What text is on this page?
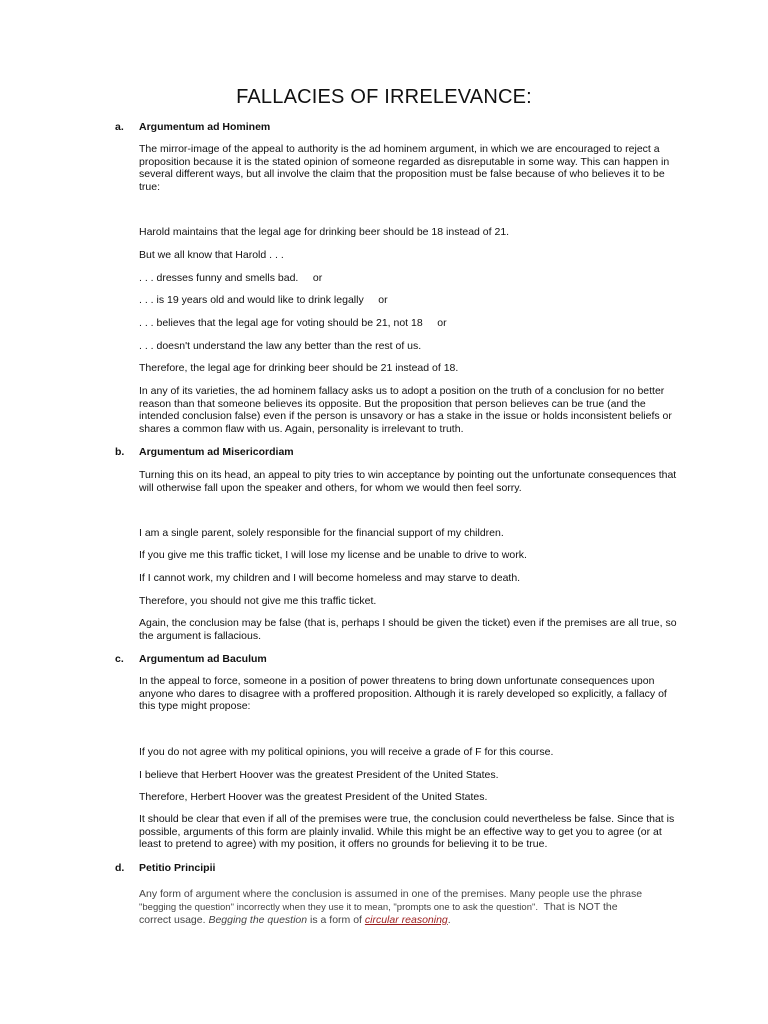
FALLACIES OF IRRELEVANCE:
a. Argumentum ad Hominem

The mirror-image of the appeal to authority is the ad hominem argument, in which we are encouraged to reject a proposition because it is the stated opinion of someone regarded as disreputable in some way. This can happen in several different ways, but all involve the claim that the proposition must be false because of who believes it to be true:

Harold maintains that the legal age for drinking beer should be 18 instead of 21.

But we all know that Harold . . .

. . . dresses funny and smells bad.     or

. . . is 19 years old and would like to drink legally     or

. . . believes that the legal age for voting should be 21, not 18     or

. . . doesn't understand the law any better than the rest of us.

Therefore, the legal age for drinking beer should be 21 instead of 18.

In any of its varieties, the ad hominem fallacy asks us to adopt a position on the truth of a conclusion for no better reason than that someone believes its opposite. But the proposition that person believes can be true (and the intended conclusion false) even if the person is unsavory or has a stake in the issue or holds inconsistent beliefs or shares a common flaw with us. Again, personality is irrelevant to truth.

b. Argumentum ad Misericordiam

Turning this on its head, an appeal to pity tries to win acceptance by pointing out the unfortunate consequences that will otherwise fall upon the speaker and others, for whom we would then feel sorry.

I am a single parent, solely responsible for the financial support of my children.

If you give me this traffic ticket, I will lose my license and be unable to drive to work.

If I cannot work, my children and I will become homeless and may starve to death.

Therefore, you should not give me this traffic ticket.

Again, the conclusion may be false (that is, perhaps I should be given the ticket) even if the premises are all true, so the argument is fallacious.

c. Argumentum ad Baculum

In the appeal to force, someone in a position of power threatens to bring down unfortunate consequences upon anyone who dares to disagree with a proffered proposition. Although it is rarely developed so explicitly, a fallacy of this type might propose:

If you do not agree with my political opinions, you will receive a grade of F for this course.

I believe that Herbert Hoover was the greatest President of the United States.

Therefore, Herbert Hoover was the greatest President of the United States.

It should be clear that even if all of the premises were true, the conclusion could nevertheless be false. Since that is possible, arguments of this form are plainly invalid. While this might be an effective way to get you to agree (or at least to pretend to agree) with my position, it offers no grounds for believing it to be true.

d. Petitio Principii

Any form of argument where the conclusion is assumed in one of the premises. Many people use the phrase

"begging the question" incorrectly when they use it to mean, "prompts one to ask the question".  That is NOT the

correct usage. Begging the question is a form of circular reasoning.
